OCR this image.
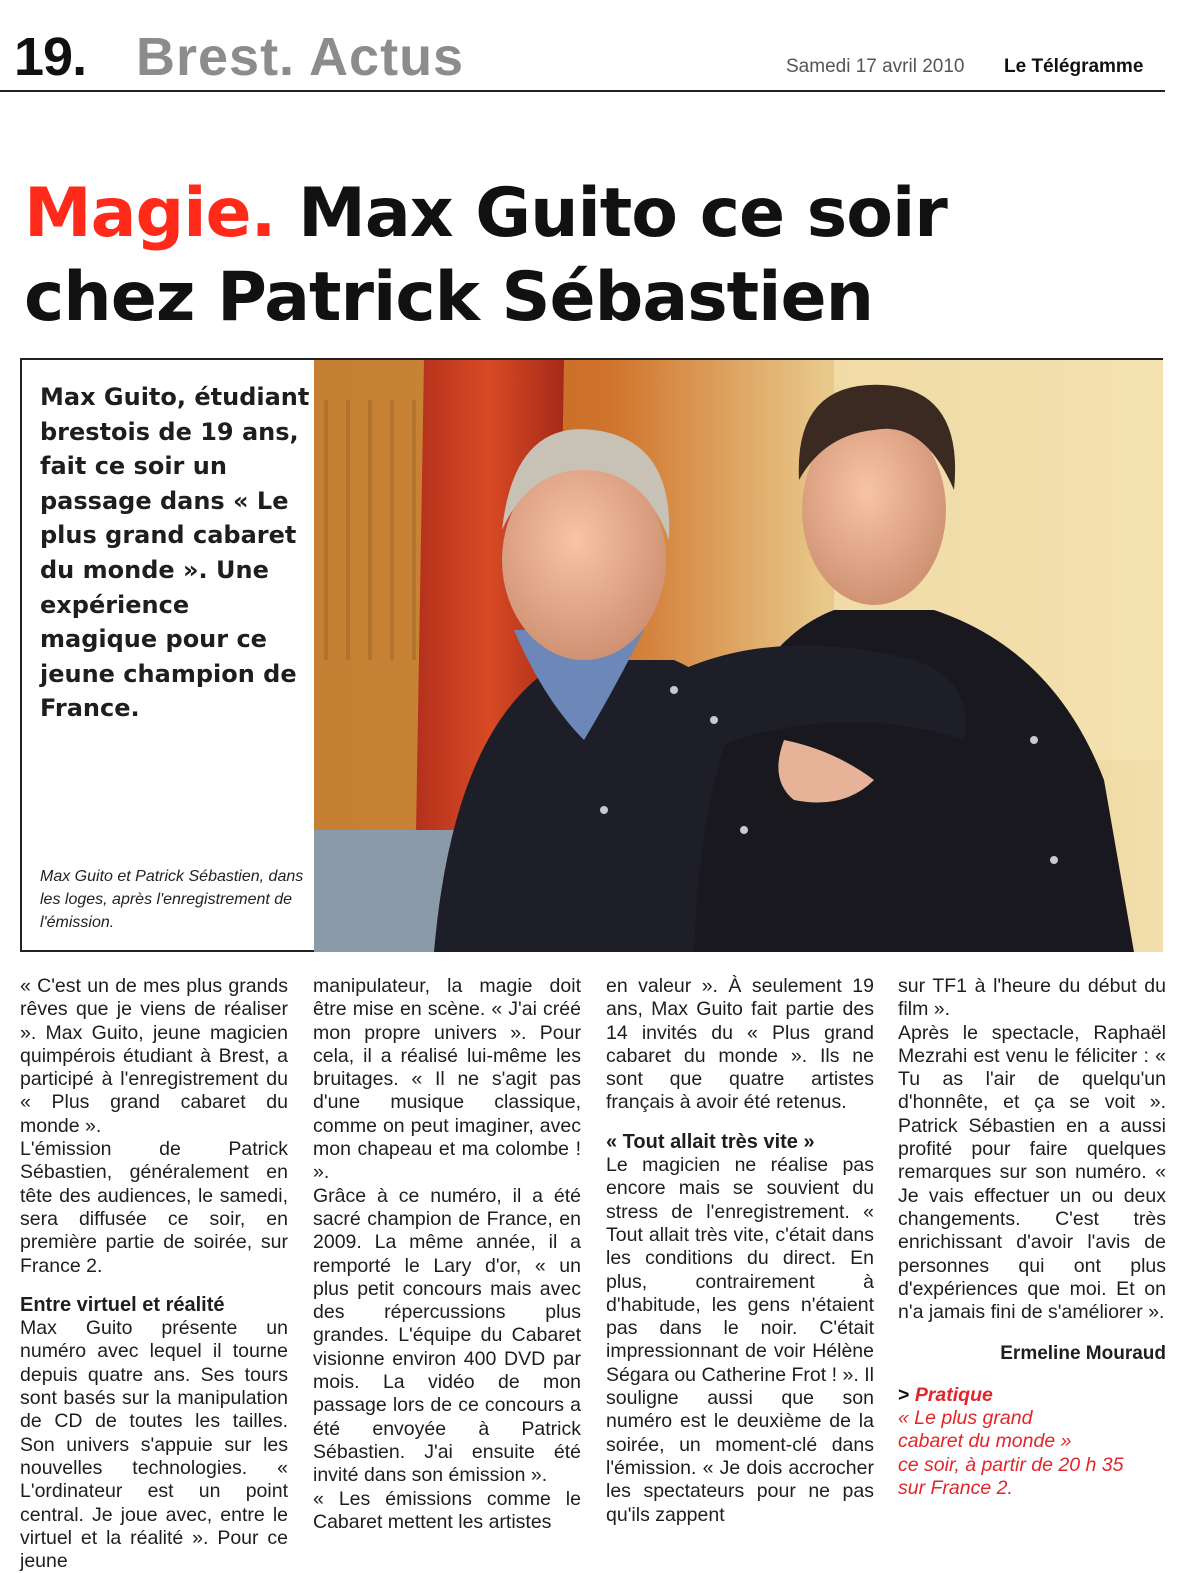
19. Brest. Actus	Samedi 17 avril 2010 Le Télégramme
Magie. Max Guito ce soir
chez Patrick Sébastien

Max Guito, étudiant brestois de 19 ans, fait ce soir un passage dans « Le plus grand cabaret du monde ». Une expérience magique pour ce jeune champion de France.

Max Guito et Patrick Sébastien, dans les loges, après l'enregistrement de l'émission.

« C'est un de mes plus grands rêves que je viens de réaliser ». Max Guito, jeune magicien quimpérois étudiant à Brest, a participé à l'enregistrement du « Plus grand cabaret du monde ».

L'émission de Patrick Sébastien, généralement en tête des audiences, le samedi, sera diffusée ce soir, en première partie de soirée, sur France 2.

Entre virtuel et réalité

Max Guito présente un numéro avec lequel il tourne depuis quatre ans. Ses tours sont basés sur la manipulation de CD de toutes les tailles. Son univers s'appuie sur les nouvelles technologies. « L'ordinateur est un point central. Je joue avec, entre le virtuel et la réalité ». Pour ce jeune

manipulateur, la magie doit être mise en scène. « J'ai créé mon propre univers ». Pour cela, il a réalisé lui-même les bruitages. « Il ne s'agit pas d'une musique classique, comme on peut imaginer, avec mon chapeau et ma colombe ! ».

Grâce à ce numéro, il a été sacré champion de France, en 2009. La même année, il a remporté le Lary d'or, « un plus petit concours mais avec des répercussions plus grandes. L'équipe du Cabaret visionne environ 400 DVD par mois. La vidéo de mon passage lors de ce concours a été envoyée à Patrick Sébastien. J'ai ensuite été invité dans son émission ».

« Les émissions comme le Cabaret mettent les artistes

en valeur ». À seulement 19 ans, Max Guito fait partie des 14 invités du « Plus grand cabaret du monde ». Ils ne sont que quatre artistes français à avoir été retenus.

« Tout allait très vite »

Le magicien ne réalise pas encore mais se souvient du stress de l'enregistrement. « Tout allait très vite, c'était dans les conditions du direct. En plus, contrairement à d'habitude, les gens n'étaient pas dans le noir. C'était impressionnant de voir Hélène Ségara ou Catherine Frot ! ». Il souligne aussi que son numéro est le deuxième de la soirée, un moment-clé dans l'émission. « Je dois accrocher les spectateurs pour ne pas qu'ils zappent

sur TF1 à l'heure du début du film ».

Après le spectacle, Raphaël Mezrahi est venu le féliciter : « Tu as l'air de quelqu'un d'honnête, et ça se voit ». Patrick Sébastien en a aussi profité pour faire quelques remarques sur son numéro. « Je vais effectuer un ou deux changements. C'est très enrichissant d'avoir l'avis de personnes qui ont plus d'expériences que moi. Et on n'a jamais fini de s'améliorer ».

Ermeline Mouraud

> Pratique
« Le plus grand
cabaret du monde »
ce soir, à partir de 20 h 35
sur France 2.
